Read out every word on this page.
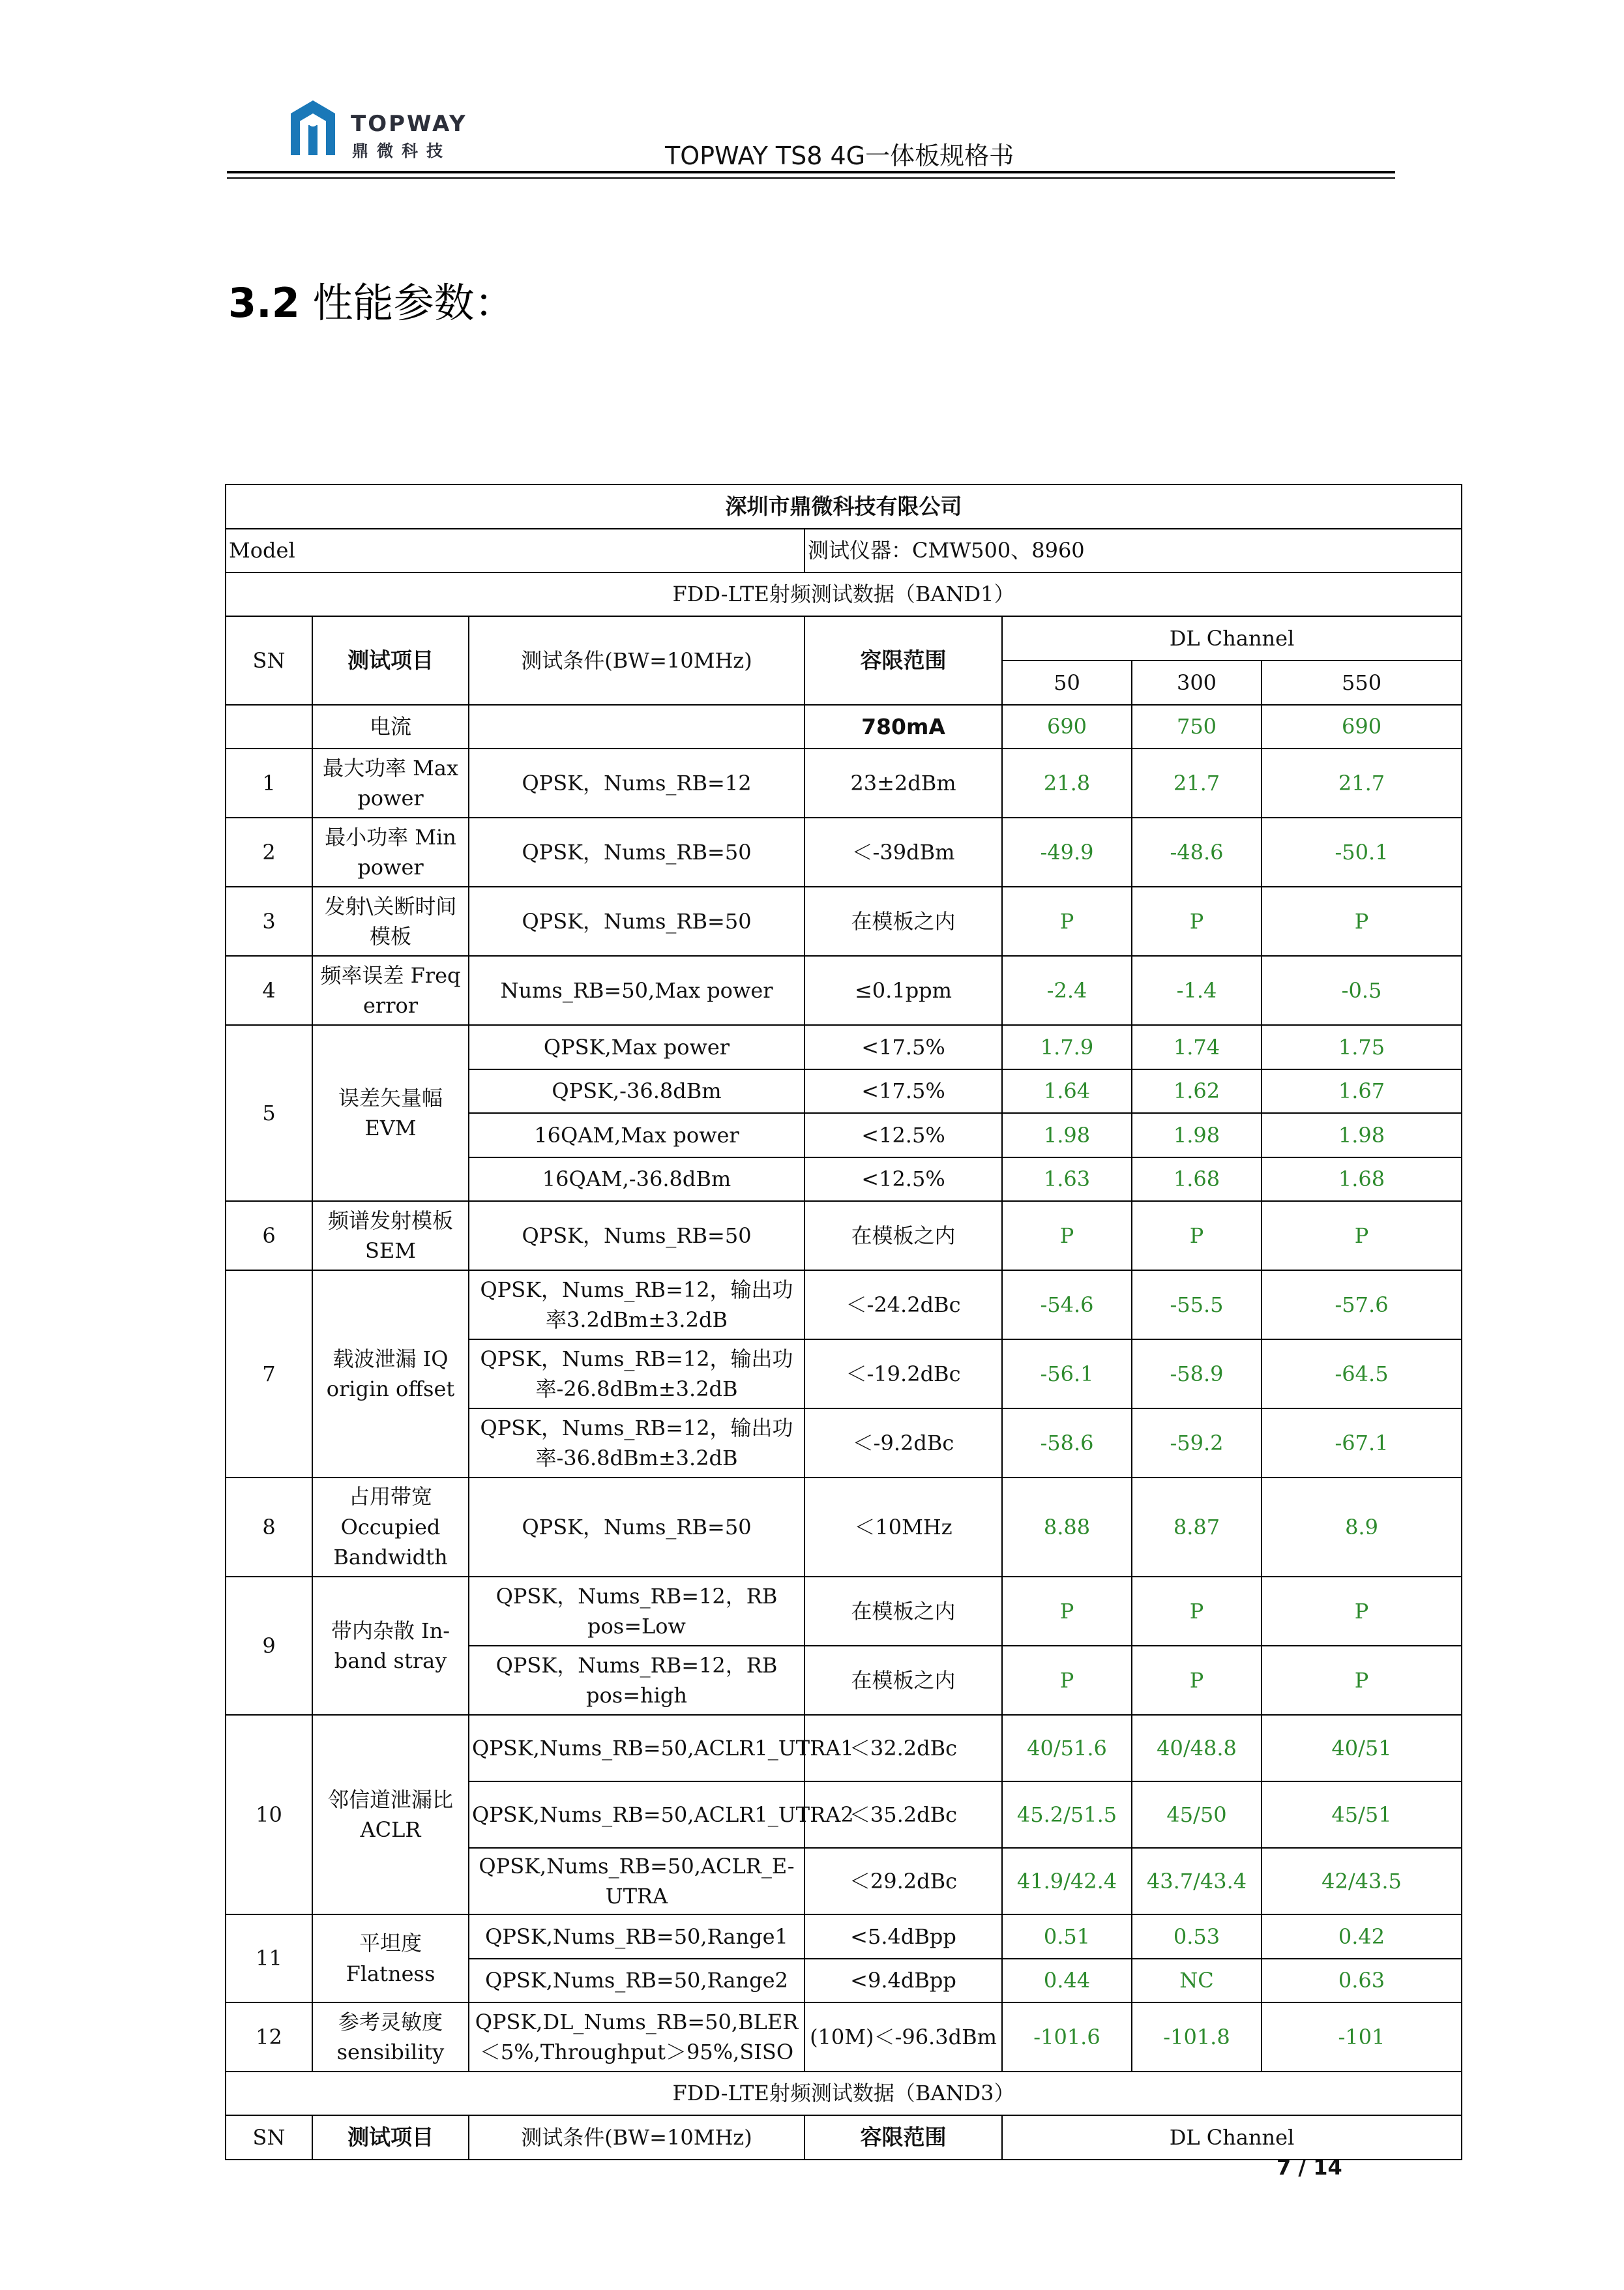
TOPWAY
鼎微科技	TOPWAY TS8 4G一体板规格书
3.2 性能参数：
深圳市鼎微科技有限公司						
Model			测试仪器：CMW500、8960			
FDD-LTE射频测试数据（BAND1）						
SN	测试项目	测试条件(BW=10MHz)	容限范围	DL Channel		
				50	300	550
	电流		780mA	690	750	690
1	最大功率 Max power	QPSK，Nums_RB=12	23±2dBm	21.8	21.7	21.7
2	最小功率 Min power	QPSK，Nums_RB=50	＜-39dBm	-49.9	-48.6	-50.1
3	发射\关断时间模板	QPSK，Nums_RB=50	在模板之内	P	P	P
4	频率误差 Freq error	Nums_RB=50,Max power	≤0.1ppm	-2.4	-1.4	-0.5
5	误差矢量幅 EVM	QPSK,Max power	<17.5%	1.7.9	1.74	1.75
		QPSK,-36.8dBm	<17.5%	1.64	1.62	1.67
		16QAM,Max power	<12.5%	1.98	1.98	1.98
		16QAM,-36.8dBm	<12.5%	1.63	1.68	1.68
6	频谱发射模板 SEM	QPSK，Nums_RB=50	在模板之内	P	P	P
7	载波泄漏 IQ origin offset	QPSK，Nums_RB=12，输出功率3.2dBm±3.2dB	＜-24.2dBc	-54.6	-55.5	-57.6
		QPSK，Nums_RB=12，输出功率-26.8dBm±3.2dB	＜-19.2dBc	-56.1	-58.9	-64.5
		QPSK，Nums_RB=12，输出功率-36.8dBm±3.2dB	＜-9.2dBc	-58.6	-59.2	-67.1
8	占用带宽 Occupied Bandwidth	QPSK，Nums_RB=50	＜10MHz	8.88	8.87	8.9
9	带内杂散 In-band stray	QPSK，Nums_RB=12，RB pos=Low	在模板之内	P	P	P
		QPSK，Nums_RB=12，RB pos=high	在模板之内	P	P	P
10	邻信道泄漏比 ACLR	QPSK,Nums_RB=50,ACLR1_UTRA1	＜32.2dBc	40/51.6	40/48.8	40/51
		QPSK,Nums_RB=50,ACLR1_UTRA2	＜35.2dBc	45.2/51.5	45/50	45/51
		QPSK,Nums_RB=50,ACLR_E-UTRA	＜29.2dBc	41.9/42.4	43.7/43.4	42/43.5
11	平坦度 Flatness	QPSK,Nums_RB=50,Range1	<5.4dBpp	0.51	0.53	0.42
		QPSK,Nums_RB=50,Range2	<9.4dBpp	0.44	NC	0.63
12	参考灵敏度 sensibility	QPSK,DL_Nums_RB=50,BLER＜5%,Throughput＞95%,SISO	(10M)＜-96.3dBm	-101.6	-101.8	-101
FDD-LTE射频测试数据（BAND3）						
SN	测试项目	测试条件(BW=10MHz)	容限范围	DL Channel		
7 / 14
